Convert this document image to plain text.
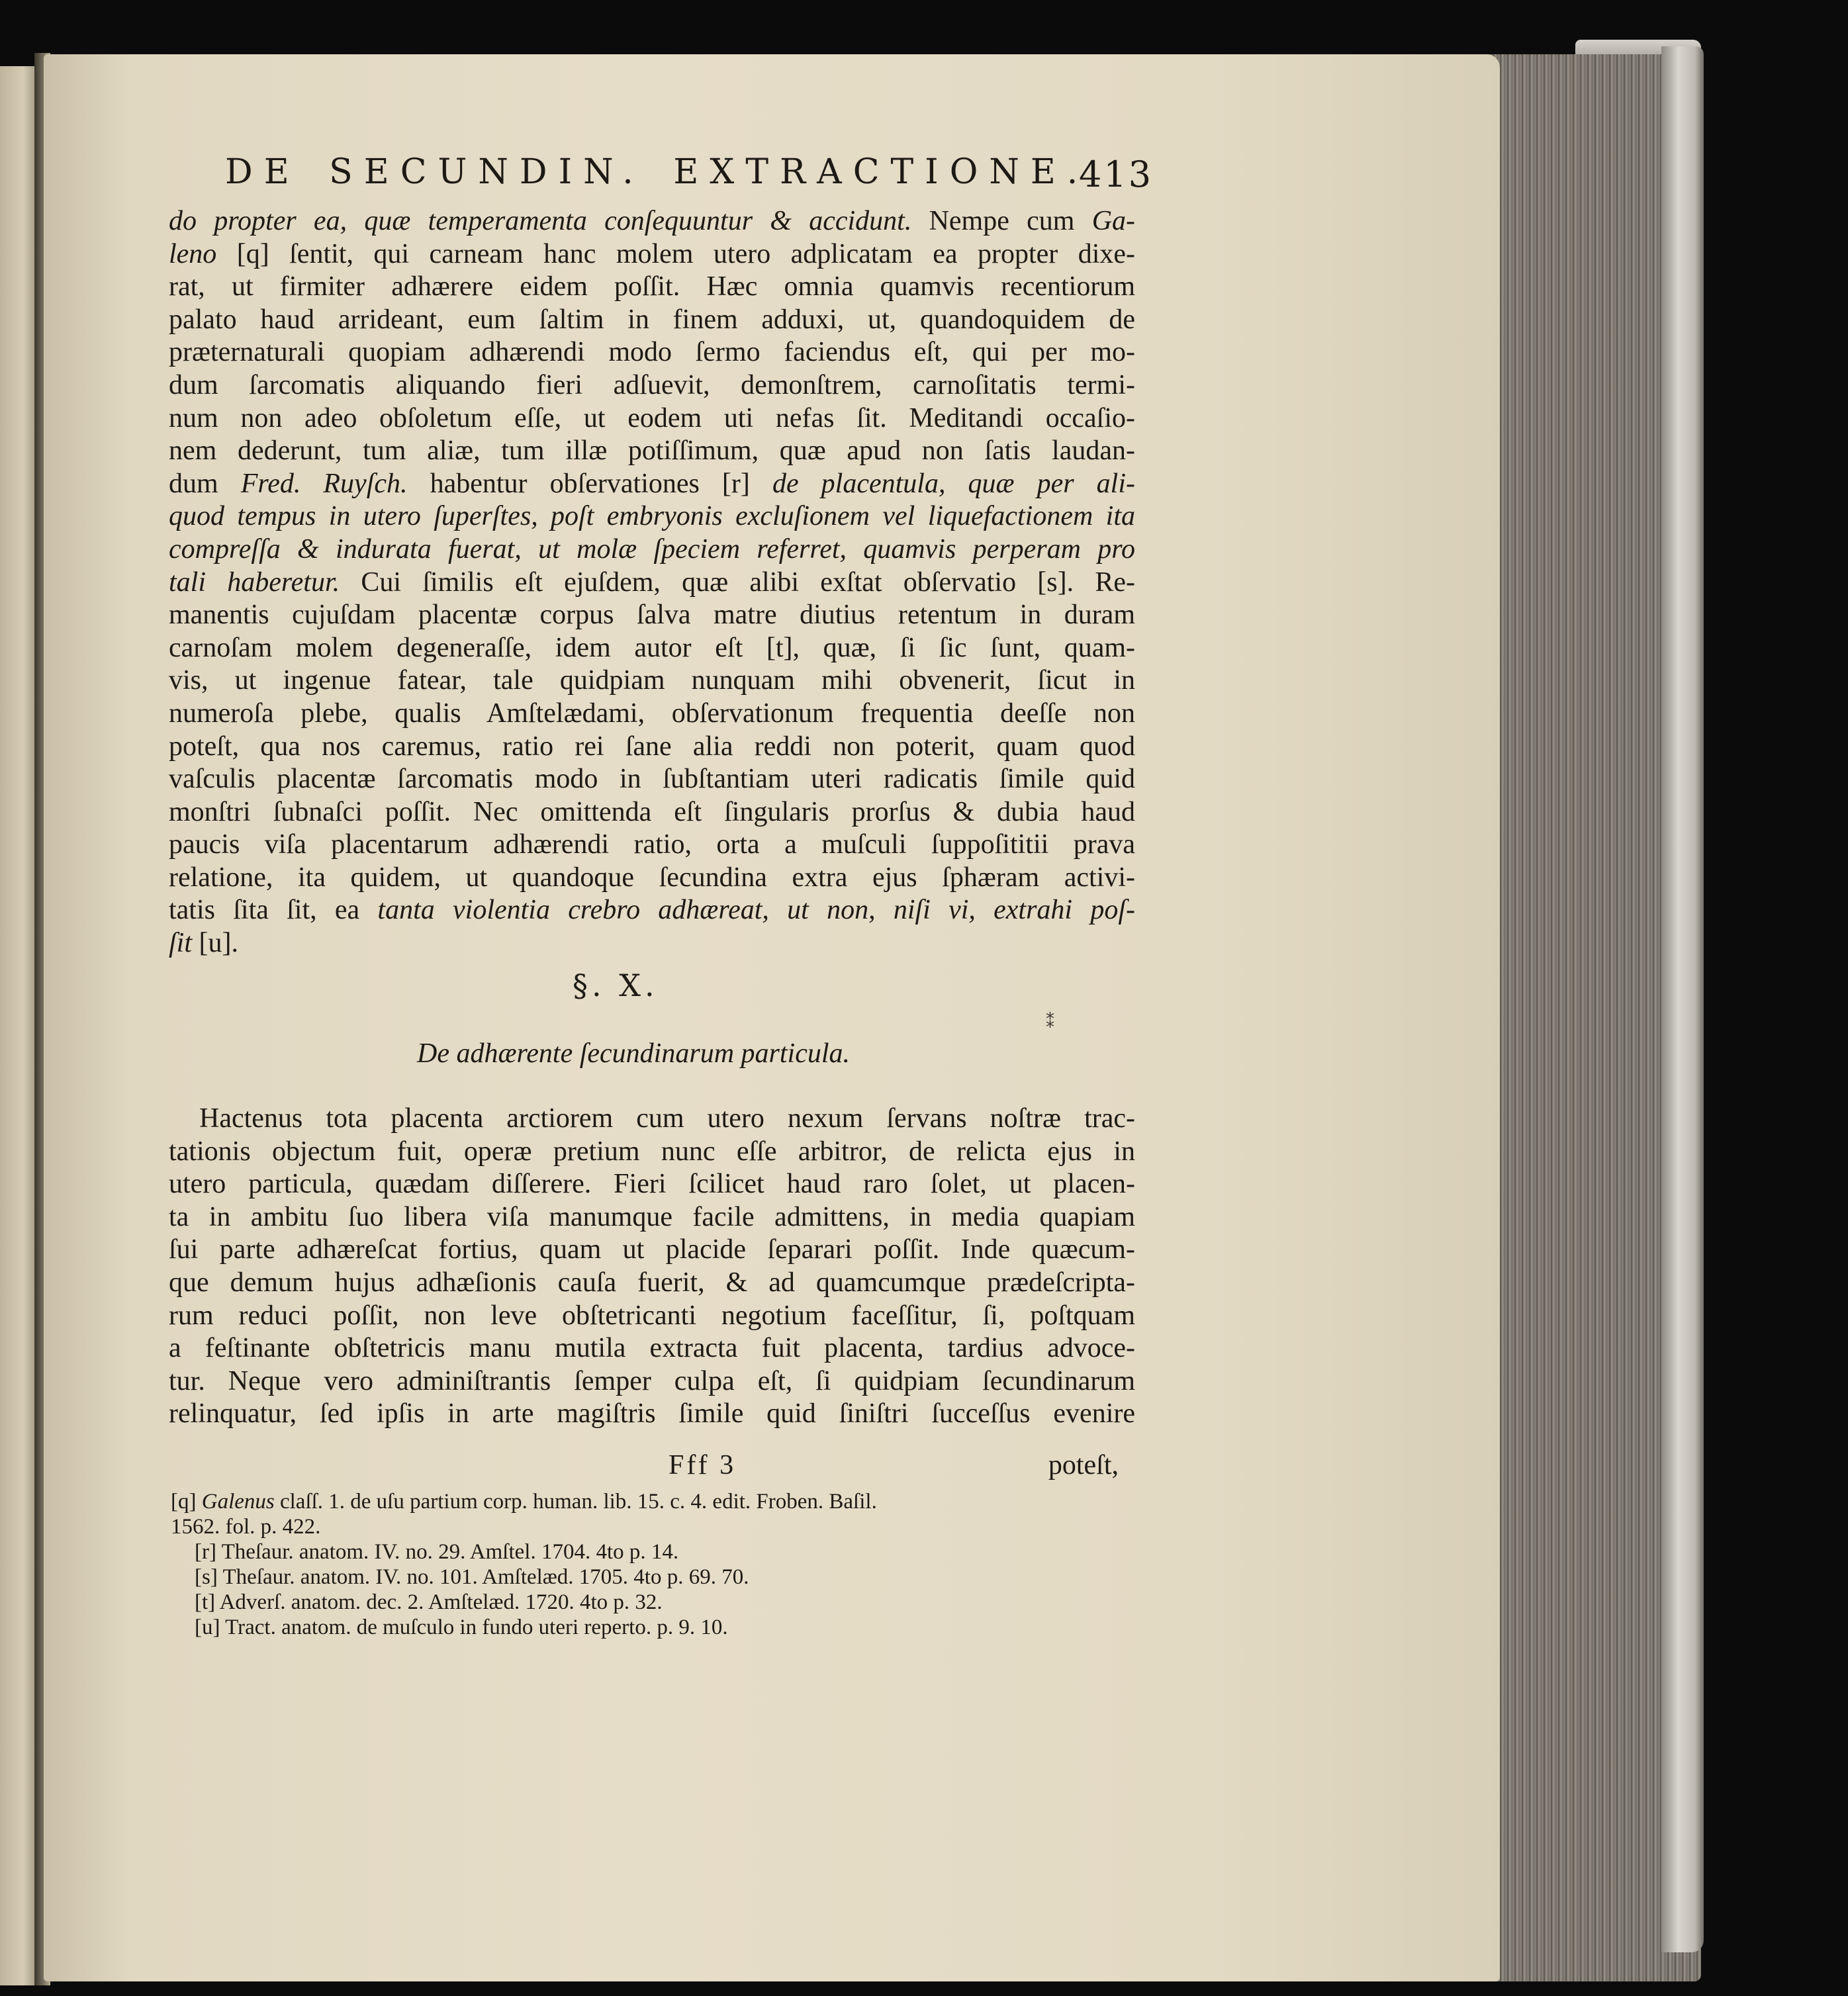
DE SECUNDIN. EXTRACTIONE.
413
do propter ea, quæ temperamenta conſequuntur & accidunt. Nempe cum Ga-
leno [q] ſentit, qui carneam hanc molem utero adplicatam ea propter dixe-
rat, ut firmiter adhærere eidem poſſit. Hæc omnia quamvis recentiorum
palato haud arrideant, eum ſaltim in finem adduxi, ut, quandoquidem de
præternaturali quopiam adhærendi modo ſermo faciendus eſt, qui per mo-
dum ſarcomatis aliquando fieri adſuevit, demonſtrem, carnoſitatis termi-
num non adeo obſoletum eſſe, ut eodem uti nefas ſit. Meditandi occaſio-
nem dederunt, tum aliæ, tum illæ potiſſimum, quæ apud non ſatis laudan-
dum Fred. Ruyſch. habentur obſervationes [r] de placentula, quæ per ali-
quod tempus in utero ſuperſtes, poſt embryonis excluſionem vel liquefactionem ita
compreſſa & indurata fuerat, ut molæ ſpeciem referret, quamvis perperam pro
tali haberetur. Cui ſimilis eſt ejuſdem, quæ alibi exſtat obſervatio [s]. Re-
manentis cujuſdam placentæ corpus ſalva matre diutius retentum in duram
carnoſam molem degeneraſſe, idem autor eſt [t], quæ, ſi ſic ſunt, quam-
vis, ut ingenue fatear, tale quidpiam nunquam mihi obvenerit, ſicut in
numeroſa plebe, qualis Amſtelædami, obſervationum frequentia deeſſe non
poteſt, qua nos caremus, ratio rei ſane alia reddi non poterit, quam quod
vaſculis placentæ ſarcomatis modo in ſubſtantiam uteri radicatis ſimile quid
monſtri ſubnaſci poſſit. Nec omittenda eſt ſingularis prorſus & dubia haud
paucis viſa placentarum adhærendi ratio, orta a muſculi ſuppoſititii prava
relatione, ita quidem, ut quandoque ſecundina extra ejus ſphæram activi-
tatis ſita ſit, ea tanta violentia crebro adhæreat, ut non, niſi vi, extrahi poſ-
ſit [u].
§. X.
⁑
De adhærente ſecundinarum particula.
Hactenus tota placenta arctiorem cum utero nexum ſervans noſtræ trac-
tationis objectum fuit, operæ pretium nunc eſſe arbitror, de relicta ejus in
utero particula, quædam diſſerere. Fieri ſcilicet haud raro ſolet, ut placen-
ta in ambitu ſuo libera viſa manumque facile admittens, in media quapiam
ſui parte adhæreſcat fortius, quam ut placide ſeparari poſſit. Inde quæcum-
que demum hujus adhæſionis cauſa fuerit, & ad quamcumque prædeſcripta-
rum reduci poſſit, non leve obſtetricanti negotium faceſſitur, ſi, poſtquam
a feſtinante obſtetricis manu mutila extracta fuit placenta, tardius advoce-
tur. Neque vero adminiſtrantis ſemper culpa eſt, ſi quidpiam ſecundinarum
relinquatur, ſed ipſis in arte magiſtris ſimile quid ſiniſtri ſucceſſus evenire
Fff 3	poteſt,
[q] Galenus claſſ. 1. de uſu partium corp. human. lib. 15. c. 4. edit. Froben. Baſil.
1562. fol. p. 422.
[r] Theſaur. anatom. IV. no. 29. Amſtel. 1704. 4to p. 14.
[s] Theſaur. anatom. IV. no. 101. Amſtelæd. 1705. 4to p. 69. 70.
[t] Adverſ. anatom. dec. 2. Amſtelæd. 1720. 4to p. 32.
[u] Tract. anatom. de muſculo in fundo uteri reperto. p. 9. 10.
